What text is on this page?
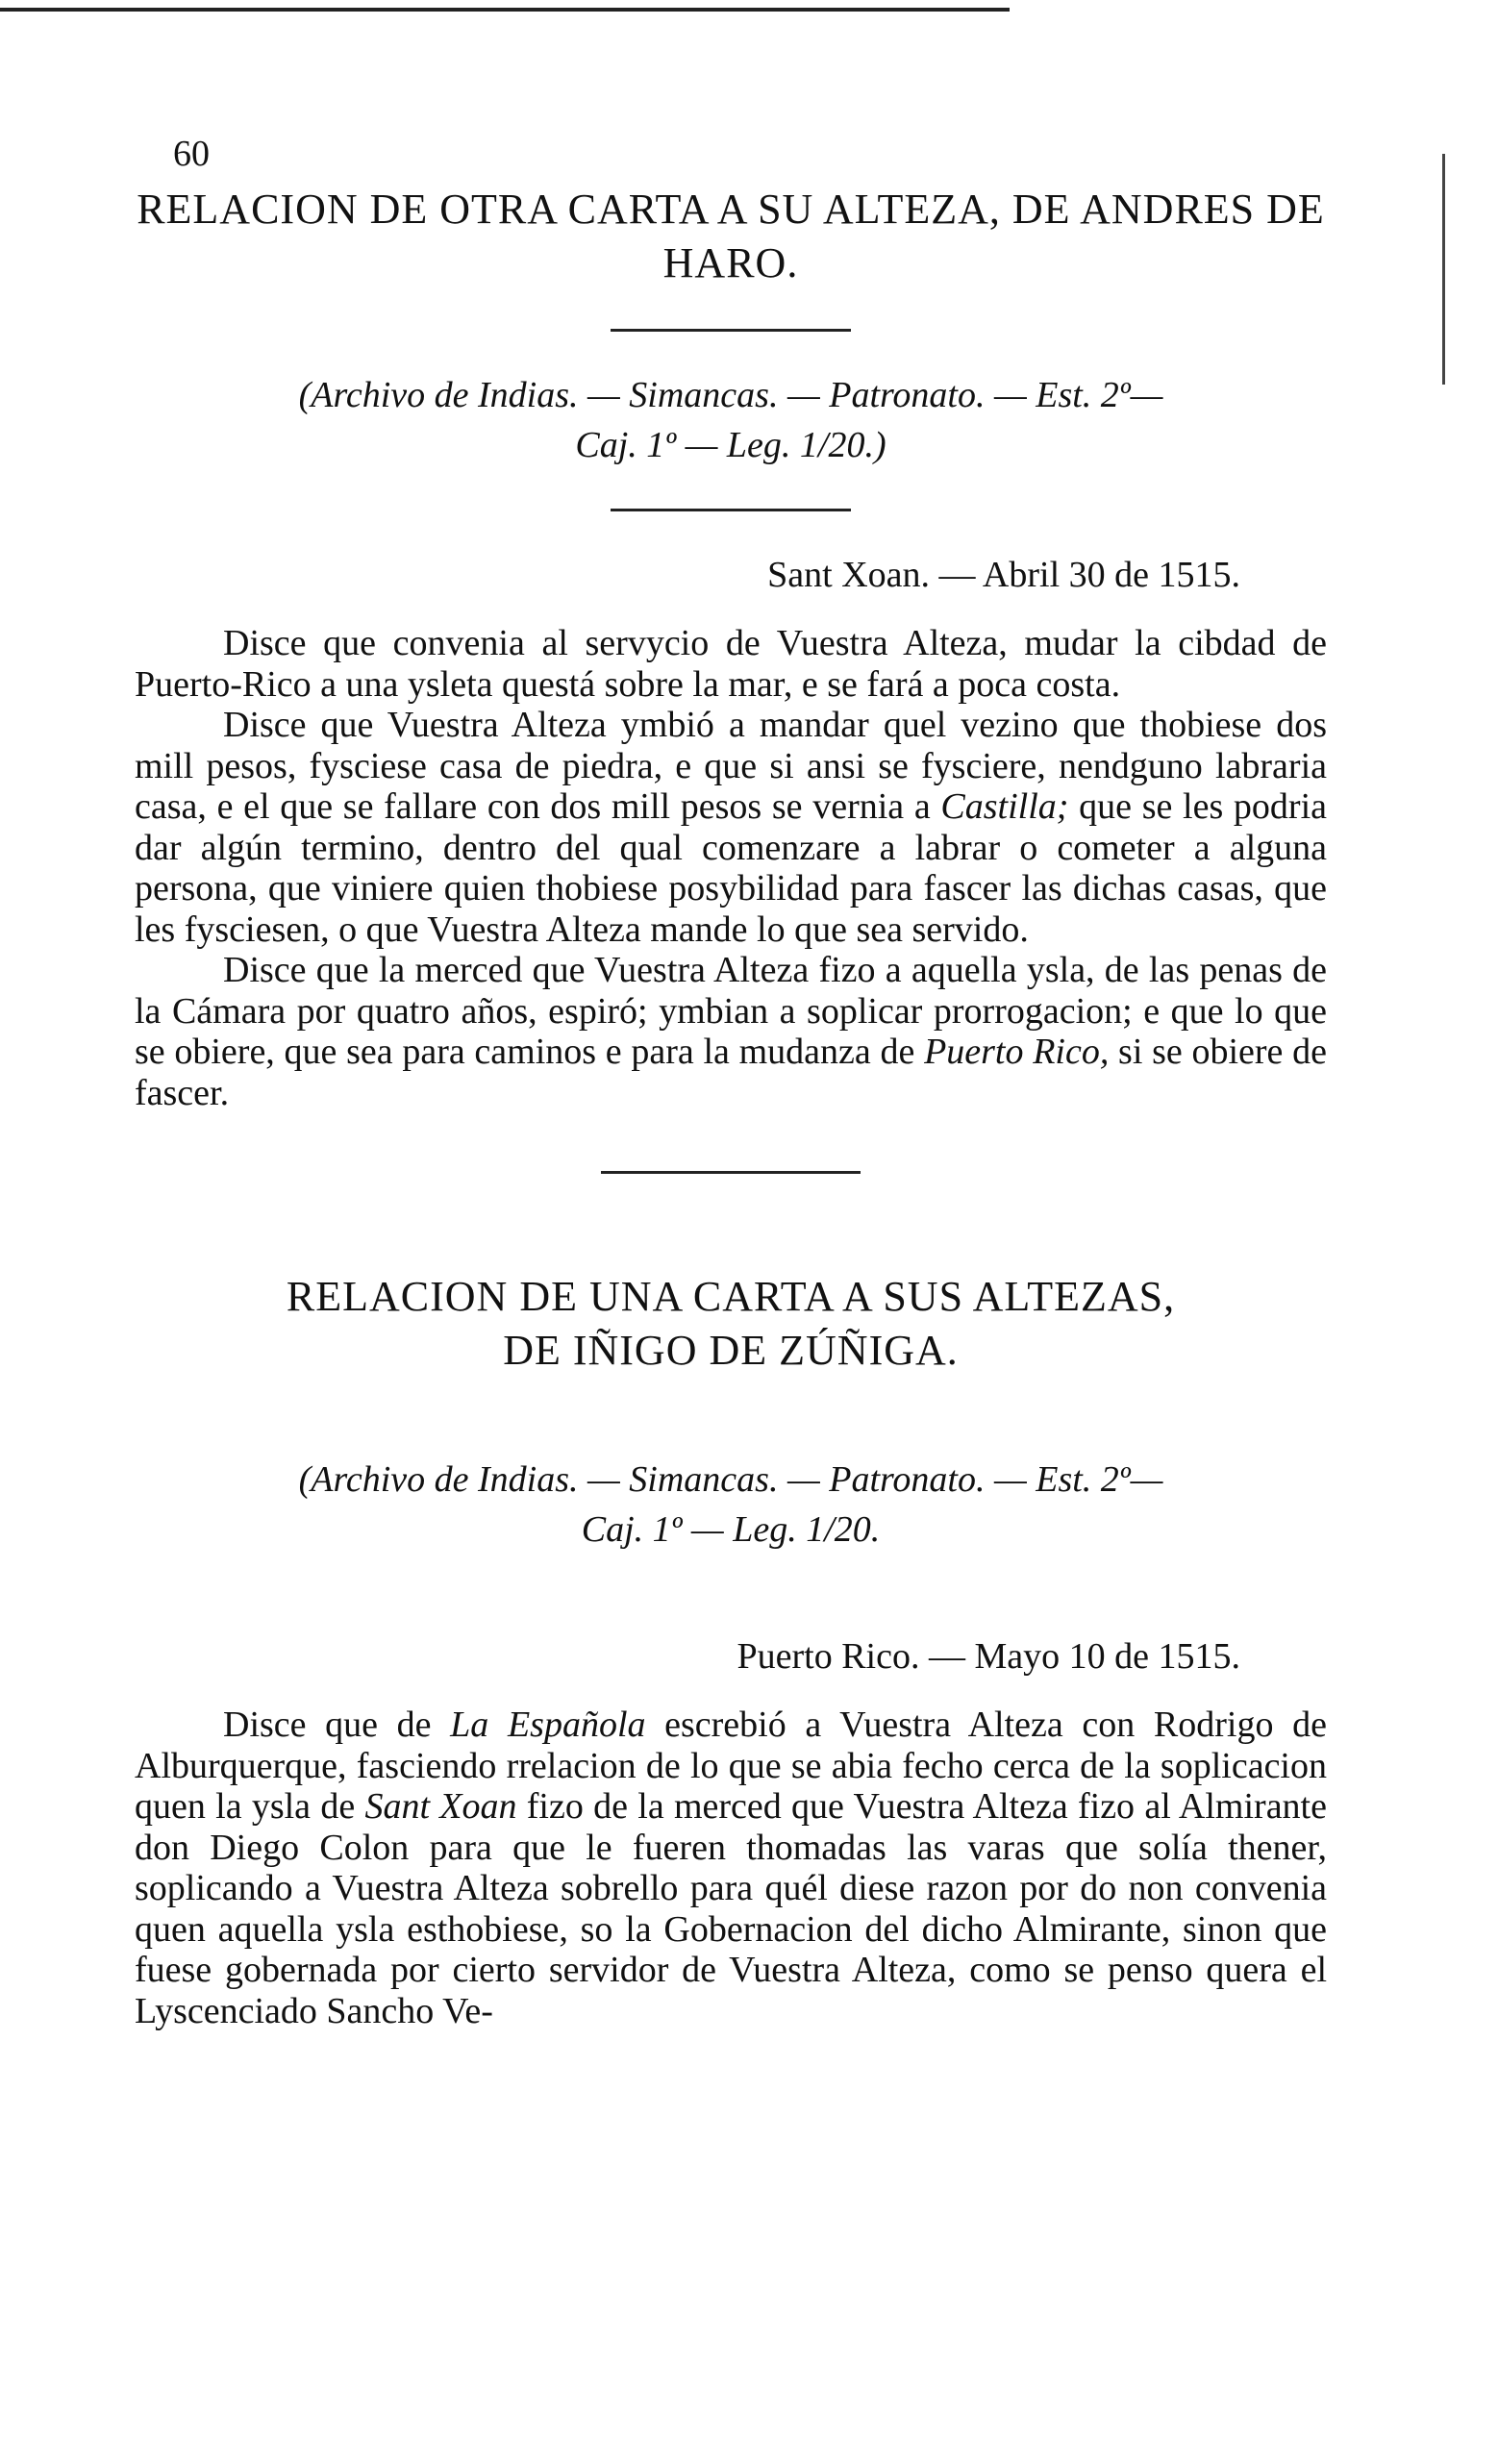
60
RELACION DE OTRA CARTA A SU ALTEZA, DE ANDRES DE HARO.
(Archivo de Indias. — Simancas. — Patronato. — Est. 2º—
Caj. 1º — Leg. 1/20.)
Sant Xoan. — Abril 30 de 1515.

Disce que convenia al servycio de Vuestra Alteza, mudar la cibdad de Puerto-Rico a una ysleta questá sobre la mar, e se fará a poca costa.

Disce que Vuestra Alteza ymbió a mandar quel vezino que thobiese dos mill pesos, fysciese casa de piedra, e que si ansi se fysciere, nendguno labraria casa, e el que se fallare con dos mill pesos se vernia a Castilla; que se les podria dar algún termino, dentro del qual comenzare a labrar o cometer a alguna persona, que viniere quien thobiese posybilidad para fascer las dichas casas, que les fysciesen, o que Vuestra Alteza mande lo que sea servido.

Disce que la merced que Vuestra Alteza fizo a aquella ysla, de las penas de la Cámara por quatro años, espiró; ymbian a soplicar prorrogacion; e que lo que se obiere, que sea para caminos e para la mudanza de Puerto Rico, si se obiere de fascer.

RELACION DE UNA CARTA A SUS ALTEZAS,
DE IÑIGO DE ZÚÑIGA.
(Archivo de Indias. — Simancas. — Patronato. — Est. 2º—
Caj. 1º — Leg. 1/20.
Puerto Rico. — Mayo 10 de 1515.

Disce que de La Española escrebió a Vuestra Alteza con Rodrigo de Alburquerque, fasciendo rrelacion de lo que se abia fecho cerca de la soplicacion quen la ysla de Sant Xoan fizo de la merced que Vuestra Alteza fizo al Almirante don Diego Colon para que le fueren thomadas las varas que solía thener, soplicando a Vuestra Alteza sobrello para quél diese razon por do non convenia quen aquella ysla esthobiese, so la Gobernacion del dicho Almirante, sinon que fuese gobernada por cierto servidor de Vuestra Alteza, como se penso quera el Lyscenciado Sancho Ve-
